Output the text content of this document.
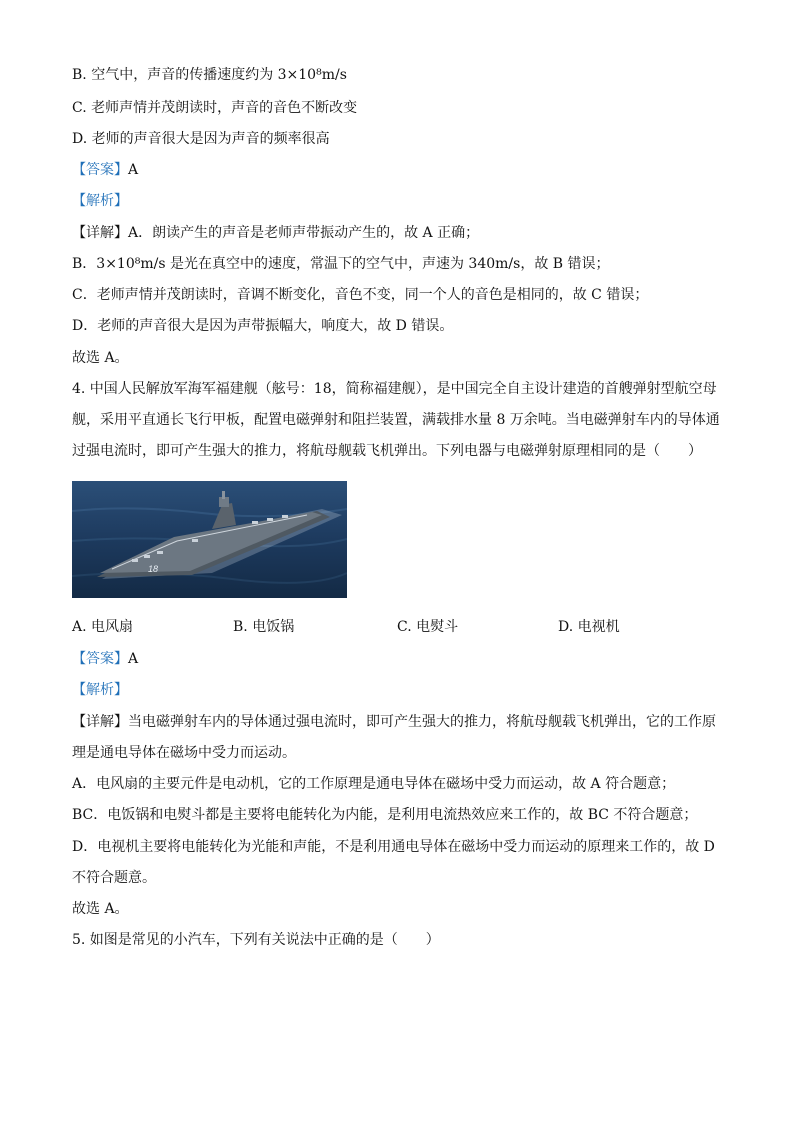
B. 空气中，声音的传播速度约为 3×10⁸m/s
C. 老师声情并茂朗读时，声音的音色不断改变
D. 老师的声音很大是因为声音的频率很高
【答案】A
【解析】
【详解】A．朗读产生的声音是老师声带振动产生的，故 A 正确；
B．3×10⁸m/s 是光在真空中的速度，常温下的空气中，声速为 340m/s，故 B 错误；
C．老师声情并茂朗读时，音调不断变化，音色不变，同一个人的音色是相同的，故 C 错误；
D．老师的声音很大是因为声带振幅大，响度大，故 D 错误。
故选 A。
4. 中国人民解放军海军福建舰（舷号：18，简称福建舰），是中国完全自主设计建造的首艘弹射型航空母
舰，采用平直通长飞行甲板，配置电磁弹射和阻拦装置，满载排水量 8 万余吨。当电磁弹射车内的导体通
过强电流时，即可产生强大的推力，将航母舰载飞机弹出。下列电器与电磁弹射原理相同的是（　　）
18
A. 电风扇	B. 电饭锅	C. 电熨斗	D. 电视机
【答案】A
【解析】
【详解】当电磁弹射车内的导体通过强电流时，即可产生强大的推力，将航母舰载飞机弹出，它的工作原
理是通电导体在磁场中受力而运动。
A．电风扇的主要元件是电动机，它的工作原理是通电导体在磁场中受力而运动，故 A 符合题意；
BC．电饭锅和电熨斗都是主要将电能转化为内能，是利用电流热效应来工作的，故 BC 不符合题意；
D．电视机主要将电能转化为光能和声能，不是利用通电导体在磁场中受力而运动的原理来工作的，故 D
不符合题意。
故选 A。
5. 如图是常见的小汽车，下列有关说法中正确的是（　　）
